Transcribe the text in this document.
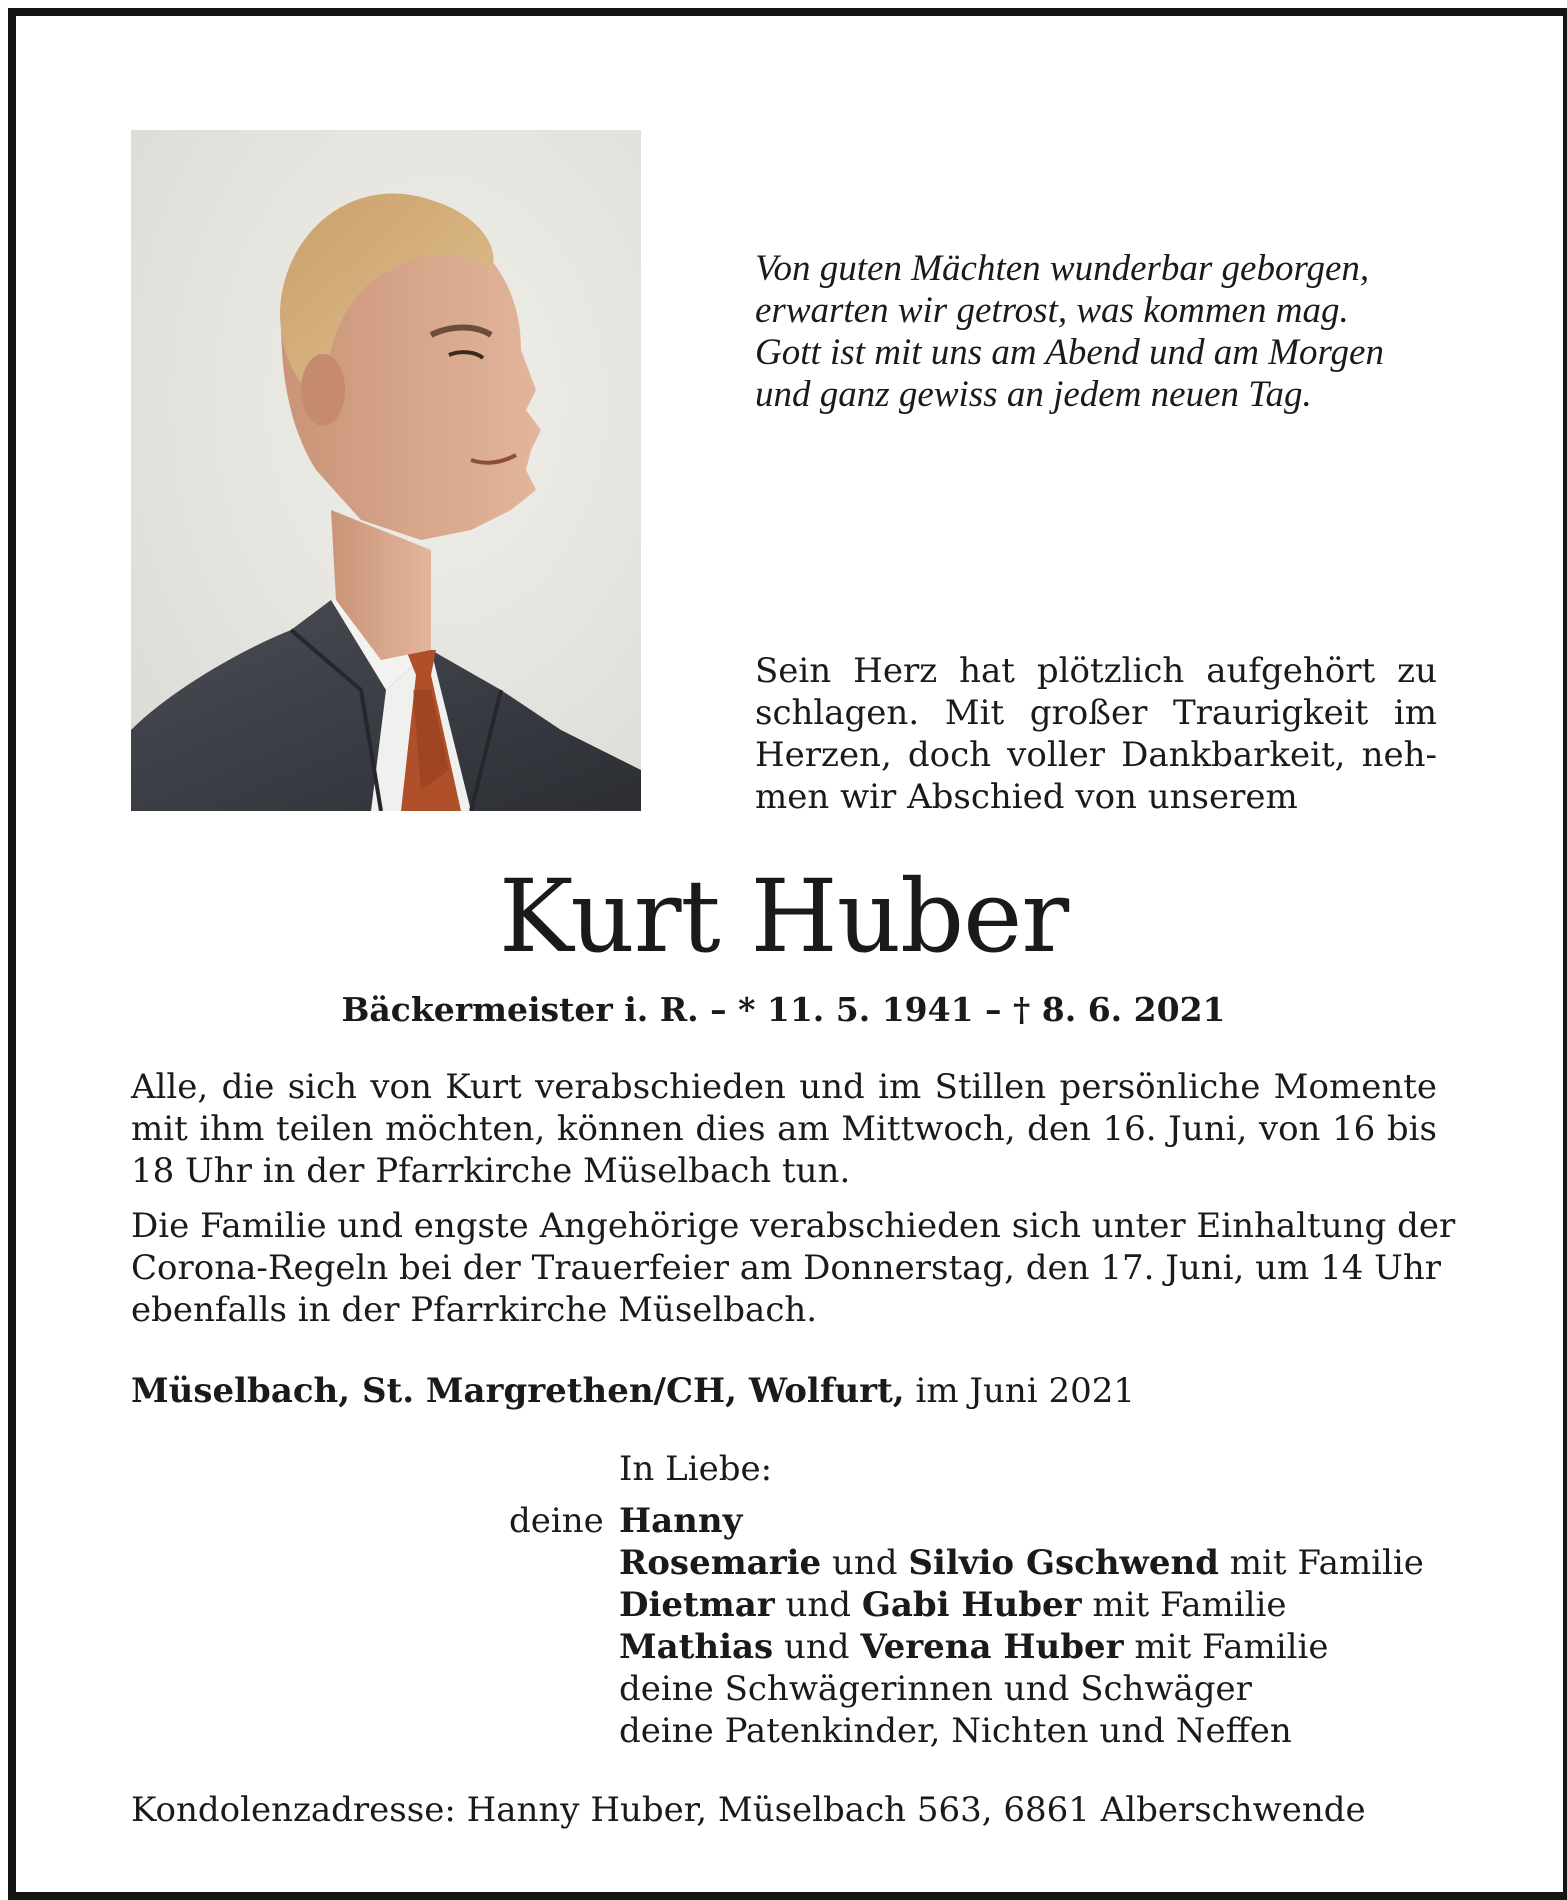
Von guten Mächten wunderbar geborgen,
erwarten wir getrost, was kommen mag.
Gott ist mit uns am Abend und am Morgen
und ganz gewiss an jedem neuen Tag.
Sein Herz hat plötzlich aufgehört zu
schlagen. Mit großer Traurigkeit im
Herzen, doch voller Dankbarkeit, neh-
men wir Abschied von unserem
Kurt Huber
Bäckermeister i. R. – * 11. 5. 1941 – † 8. 6. 2021
Alle, die sich von Kurt verabschieden und im Stillen persönliche Momente
mit ihm teilen möchten, können dies am Mittwoch, den 16. Juni, von 16 bis
18 Uhr in der Pfarrkirche Müselbach tun.
Die Familie und engste Angehörige verabschieden sich unter Einhaltung der
Corona-Regeln bei der Trauerfeier am Donnerstag, den 17. Juni, um 14 Uhr
ebenfalls in der Pfarrkirche Müselbach.
Müselbach, St. Margrethen/CH, Wolfurt, im Juni 2021
In Liebe:
deine Hanny
Rosemarie und Silvio Gschwend mit Familie
Dietmar und Gabi Huber mit Familie
Mathias und Verena Huber mit Familie
deine Schwägerinnen und Schwäger
deine Patenkinder, Nichten und Neffen
Kondolenzadresse: Hanny Huber, Müselbach 563, 6861 Alberschwende
